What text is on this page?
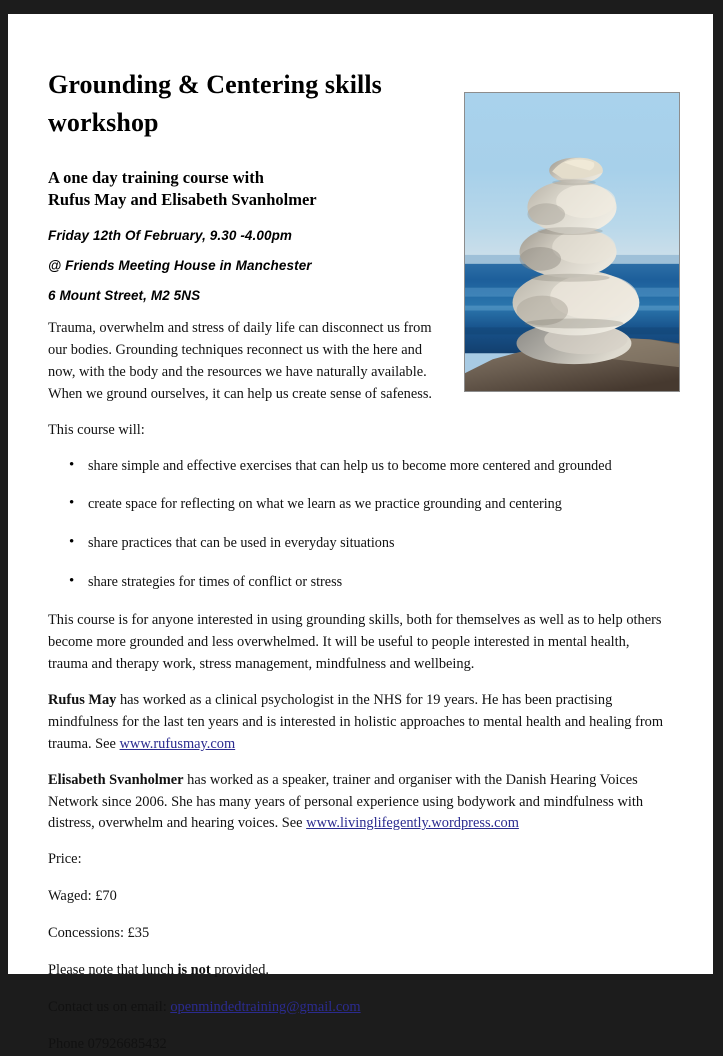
Grounding & Centering skills workshop
A one day training course with
Rufus May and Elisabeth Svanholmer

Friday 12th Of February, 9.30 -4.00pm

@ Friends Meeting House in Manchester

6 Mount Street, M2 5NS

Trauma, overwhelm and stress of daily life can disconnect us from our bodies. Grounding techniques reconnect us with the here and now, with the body and the resources we have naturally available. When we ground ourselves, it can help us create sense of safeness.

This course will:

• share simple and effective exercises that can help us to become more centered and grounded
• create space for reflecting on what we learn as we practice grounding and centering
• share practices that can be used in everyday situations
• share strategies for times of conflict or stress

This course is for anyone interested in using grounding skills, both for themselves as well as to help others become more grounded and less overwhelmed. It will be useful to people interested in mental health, trauma and therapy work, stress management, mindfulness and wellbeing.

Rufus May has worked as a clinical psychologist in the NHS for 19 years. He has been practising mindfulness for the last ten years and is interested in holistic approaches to mental health and healing from trauma. See www.rufusmay.com

Elisabeth Svanholmer has worked as a speaker, trainer and organiser with the Danish Hearing Voices Network since 2006. She has many years of personal experience using bodywork and mindfulness with distress, overwhelm and hearing voices. See www.livinglifegently.wordpress.com

Price:

Waged: £70

Concessions: £35

Please note that lunch is not provided.

Contact us on email: openmindedtraining@gmail.com

Phone 07926685432
